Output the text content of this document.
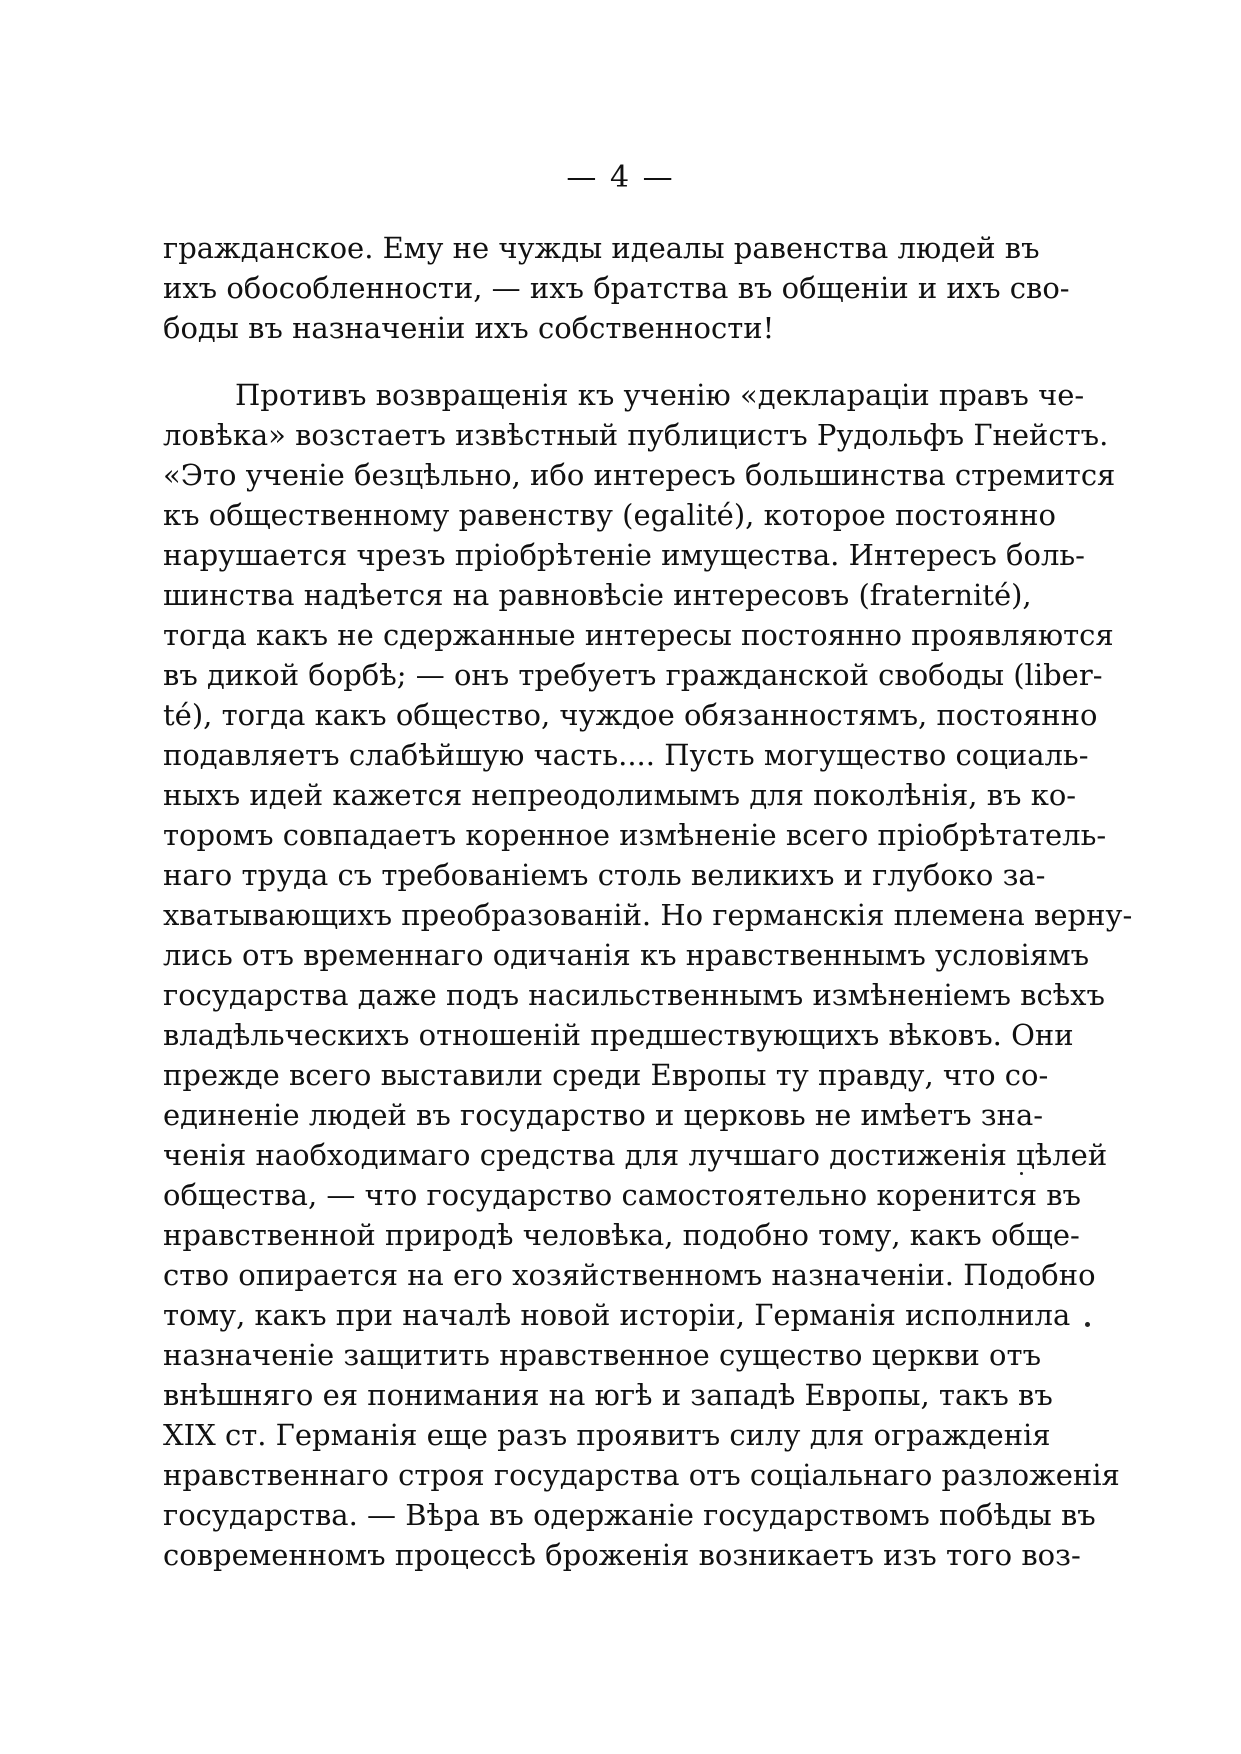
— 4 —
гражданское. Ему не чужды идеалы равенства людей въ
ихъ обособленности, — ихъ братства въ общеніи и ихъ сво-
боды въ назначеніи ихъ собственности!
Противъ возвращенія къ ученію «деклараціи правъ че-
ловѣка» возстаетъ извѣстный публицистъ Рудольфъ Гнейстъ.
«Это ученіе безцѣльно, ибо интересъ большинства стремится
къ общественному равенству (egalité), которое постоянно
нарушается чрезъ пріобрѣтеніе имущества. Интересъ боль-
шинства надѣется на равновѣсіе интересовъ (fraternité),
тогда какъ не сдержанные интересы постоянно проявляются
въ дикой борбѣ; — онъ требуетъ гражданской свободы (liber-
té), тогда какъ общество, чуждое обязанностямъ, постоянно
подавляетъ слабѣйшую часть.... Пусть могущество социаль-
ныхъ идей кажется непреодолимымъ для поколѣнія, въ ко-
торомъ совпадаетъ коренное измѣненіе всего пріобрѣтатель-
наго труда съ требованіемъ столь великихъ и глубоко за-
хватывающихъ преобразованій. Но германскія племена верну-
лись отъ временнаго одичанія къ нравственнымъ условіямъ
государства даже подъ насильственнымъ измѣненіемъ всѣхъ
владѣльческихъ отношеній предшествующихъ вѣковъ. Они
прежде всего выставили среди Европы ту правду, что со-
единеніе людей въ государство и церковь не имѣетъ зна-
ченія наобходимаго средства для лучшаго достиженія цѣлей
общества, — что государство самостоятельно коренится въ
нравственной природѣ человѣка, подобно тому, какъ обще-
ство опирается на его хозяйственномъ назначеніи. Подобно
тому, какъ при началѣ новой исторіи, Германія исполнила
назначеніе защитить нравственное существо церкви отъ
внѣшняго ея понимания на югѣ и западѣ Европы, такъ въ
XIX ст. Германія еще разъ проявитъ силу для огражденія
нравственнаго строя государства отъ соціальнаго разложенія
государства. — Вѣра въ одержаніе государствомъ побѣды въ
современномъ процессѣ броженія возникаетъ изъ того воз-
